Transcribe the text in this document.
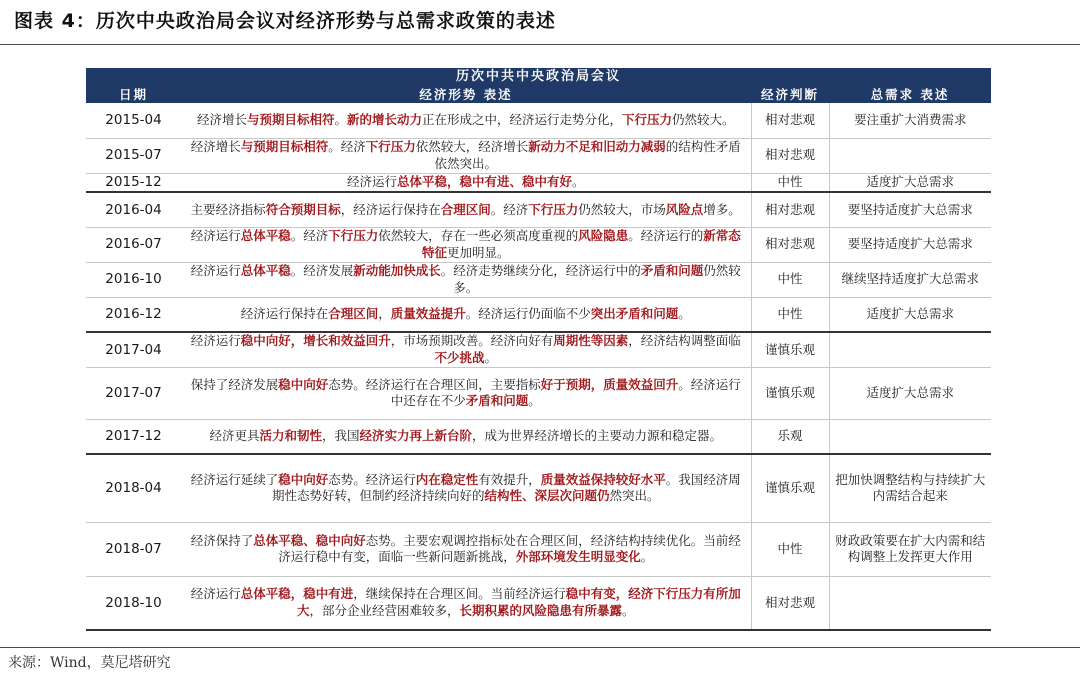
图表 4：历次中央政治局会议对经济形势与总需求政策的表述
历次中共中央政治局会议			
日期	经济形势 表述	经济判断	总需求 表述
2015-04	经济增长与预期目标相符。新的增长动力正在形成之中，经济运行走势分化，下行压力仍然较大。	相对悲观	要注重扩大消费需求
2015-07	经济增长与预期目标相符。经济下行压力依然较大，经济增长新动力不足和旧动力减弱的结构性矛盾依然突出。	相对悲观	
2015-12	经济运行总体平稳，稳中有进、稳中有好。	中性	适度扩大总需求
2016-04	主要经济指标符合预期目标，经济运行保持在合理区间。经济下行压力仍然较大，市场风险点增多。	相对悲观	要坚持适度扩大总需求
2016-07	经济运行总体平稳。经济下行压力依然较大，存在一些必须高度重视的风险隐患。经济运行的新常态特征更加明显。	相对悲观	要坚持适度扩大总需求
2016-10	经济运行总体平稳。经济发展新动能加快成长。经济走势继续分化，经济运行中的矛盾和问题仍然较多。	中性	继续坚持适度扩大总需求
2016-12	经济运行保持在合理区间，质量效益提升。经济运行仍面临不少突出矛盾和问题。	中性	适度扩大总需求
2017-04	经济运行稳中向好，增长和效益回升，市场预期改善。经济向好有周期性等因素，经济结构调整面临不少挑战。	谨慎乐观	
2017-07	保持了经济发展稳中向好态势。经济运行在合理区间，主要指标好于预期，质量效益回升。经济运行中还存在不少矛盾和问题。	谨慎乐观	适度扩大总需求
2017-12	经济更具活力和韧性，我国经济实力再上新台阶，成为世界经济增长的主要动力源和稳定器。	乐观	
2018-04	经济运行延续了稳中向好态势。经济运行内在稳定性有效提升，质量效益保持较好水平。我国经济周期性态势好转，但制约经济持续向好的结构性、深层次问题仍然突出。	谨慎乐观	把加快调整结构与持续扩大内需结合起来
2018-07	经济保持了总体平稳、稳中向好态势。主要宏观调控指标处在合理区间，经济结构持续优化。当前经济运行稳中有变，面临一些新问题新挑战，外部环境发生明显变化。	中性	财政政策要在扩大内需和结构调整上发挥更大作用
2018-10	经济运行总体平稳，稳中有进，继续保持在合理区间。当前经济运行稳中有变，经济下行压力有所加大，部分企业经营困难较多，长期积累的风险隐患有所暴露。	相对悲观	
来源：Wind，莫尼塔研究
